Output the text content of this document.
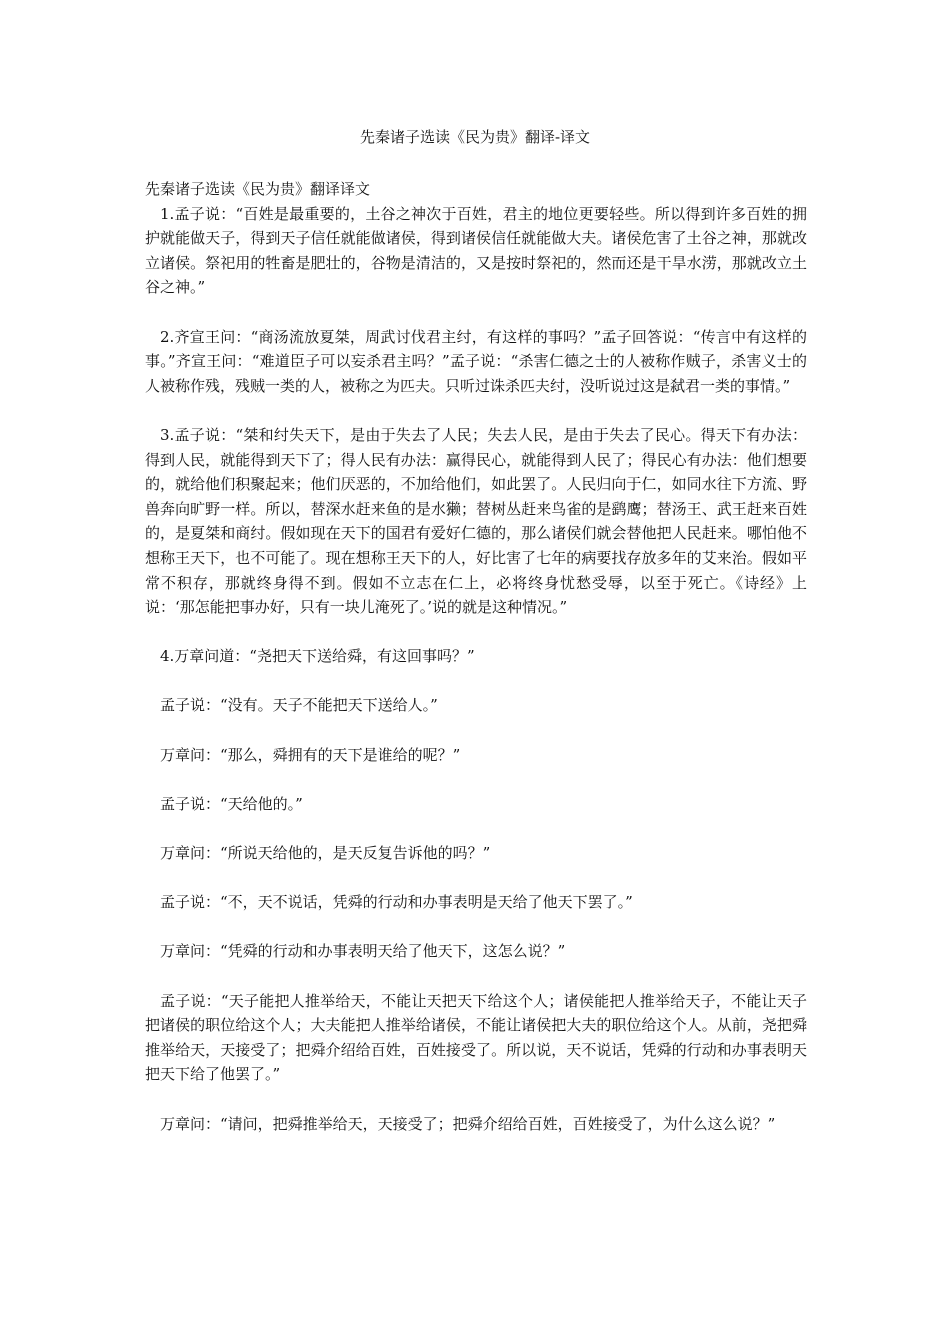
先秦诸子选读《民为贵》翻译-译文

先秦诸子选读《民为贵》翻译译文

1.孟子说：“百姓是最重要的，土谷之神次于百姓，君主的地位更要轻些。所以得到许多百姓的拥护就能做天子，得到天子信任就能做诸侯，得到诸侯信任就能做大夫。诸侯危害了土谷之神，那就改立诸侯。祭祀用的牲畜是肥壮的，谷物是清洁的，又是按时祭祀的，然而还是干旱水涝，那就改立土谷之神。”

2.齐宣王问：“商汤流放夏桀，周武讨伐君主纣，有这样的事吗？”孟子回答说：“传言中有这样的事。”齐宣王问：“难道臣子可以妄杀君主吗？”孟子说：“杀害仁德之士的人被称作贼子，杀害义士的人被称作残，残贼一类的人，被称之为匹夫。只听过诛杀匹夫纣，没听说过这是弑君一类的事情。”

3.孟子说：“桀和纣失天下，是由于失去了人民；失去人民，是由于失去了民心。得天下有办法：得到人民，就能得到天下了；得人民有办法：赢得民心，就能得到人民了；得民心有办法：他们想要的，就给他们积聚起来；他们厌恶的，不加给他们，如此罢了。人民归向于仁，如同水往下方流、野兽奔向旷野一样。所以，替深水赶来鱼的是水獭；替树丛赶来鸟雀的是鹞鹰；替汤王、武王赶来百姓的，是夏桀和商纣。假如现在天下的国君有爱好仁德的，那么诸侯们就会替他把人民赶来。哪怕他不想称王天下，也不可能了。现在想称王天下的人，好比害了七年的病要找存放多年的艾来治。假如平常不积存，那就终身得不到。假如不立志在仁上，必将终身忧愁受辱，以至于死亡。《诗经》上说：‘那怎能把事办好，只有一块儿淹死了。’说的就是这种情况。”

4.万章问道：“尧把天下送给舜，有这回事吗？”

孟子说：“没有。天子不能把天下送给人。”

万章问：“那么，舜拥有的天下是谁给的呢？”

孟子说：“天给他的。”

万章问：“所说天给他的，是天反复告诉他的吗？”

孟子说：“不，天不说话，凭舜的行动和办事表明是天给了他天下罢了。”

万章问：“凭舜的行动和办事表明天给了他天下，这怎么说？”

孟子说：“天子能把人推举给天，不能让天把天下给这个人；诸侯能把人推举给天子，不能让天子把诸侯的职位给这个人；大夫能把人推举给诸侯，不能让诸侯把大夫的职位给这个人。从前，尧把舜推举给天，天接受了；把舜介绍给百姓，百姓接受了。所以说，天不说话，凭舜的行动和办事表明天把天下给了他罢了。”

万章问：“请问，把舜推举给天，天接受了；把舜介绍给百姓，百姓接受了，为什么这么说？”
